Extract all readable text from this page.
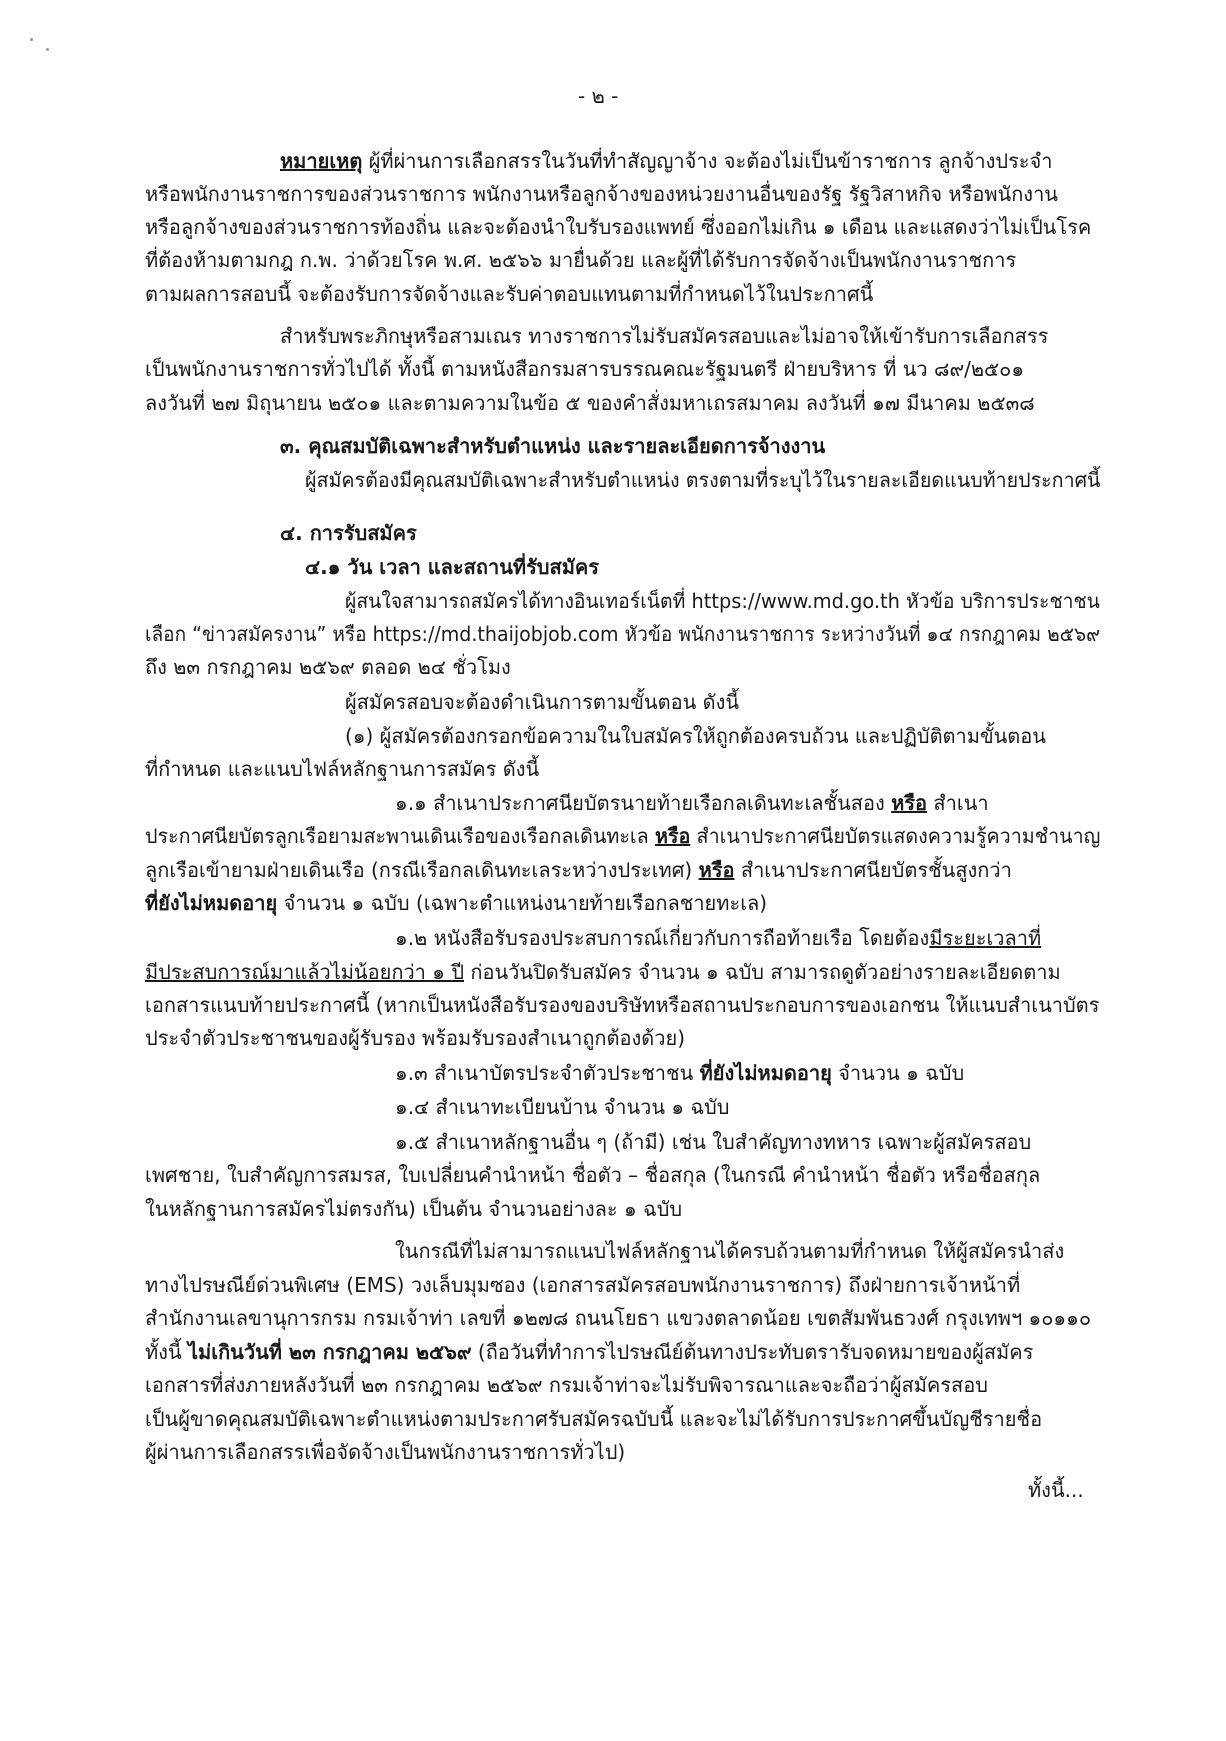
- ๒ -
หมายเหตุ ผู้ที่ผ่านการเลือกสรรในวันที่ทำสัญญาจ้าง จะต้องไม่เป็นข้าราชการ ลูกจ้างประจำ
หรือพนักงานราชการของส่วนราชการ พนักงานหรือลูกจ้างของหน่วยงานอื่นของรัฐ รัฐวิสาหกิจ หรือพนักงาน
หรือลูกจ้างของส่วนราชการท้องถิ่น และจะต้องนำใบรับรองแพทย์ ซึ่งออกไม่เกิน ๑ เดือน และแสดงว่าไม่เป็นโรค
ที่ต้องห้ามตามกฎ ก.พ. ว่าด้วยโรค พ.ศ. ๒๕๖๖ มายื่นด้วย และผู้ที่ได้รับการจัดจ้างเป็นพนักงานราชการ
ตามผลการสอบนี้ จะต้องรับการจัดจ้างและรับค่าตอบแทนตามที่กำหนดไว้ในประกาศนี้
สำหรับพระภิกษุหรือสามเณร ทางราชการไม่รับสมัครสอบและไม่อาจให้เข้ารับการเลือกสรร
เป็นพนักงานราชการทั่วไปได้ ทั้งนี้ ตามหนังสือกรมสารบรรณคณะรัฐมนตรี ฝ่ายบริหาร ที่ นว ๘๙/๒๕๐๑
ลงวันที่ ๒๗ มิถุนายน ๒๕๐๑ และตามความในข้อ ๕ ของคำสั่งมหาเถรสมาคม ลงวันที่ ๑๗ มีนาคม ๒๕๓๘
๓. คุณสมบัติเฉพาะสำหรับตำแหน่ง และรายละเอียดการจ้างงาน
ผู้สมัครต้องมีคุณสมบัติเฉพาะสำหรับตำแหน่ง ตรงตามที่ระบุไว้ในรายละเอียดแนบท้ายประกาศนี้
๔. การรับสมัคร
๔.๑ วัน เวลา และสถานที่รับสมัคร
ผู้สนใจสามารถสมัครได้ทางอินเทอร์เน็ตที่ https://www.md.go.th หัวข้อ บริการประชาชน
เลือก “ข่าวสมัครงาน” หรือ https://md.thaijobjob.com หัวข้อ พนักงานราชการ ระหว่างวันที่ ๑๔ กรกฎาคม ๒๕๖๙
ถึง ๒๓ กรกฎาคม ๒๕๖๙ ตลอด ๒๔ ชั่วโมง
ผู้สมัครสอบจะต้องดำเนินการตามขั้นตอน ดังนี้
(๑) ผู้สมัครต้องกรอกข้อความในใบสมัครให้ถูกต้องครบถ้วน และปฏิบัติตามขั้นตอน
ที่กำหนด และแนบไฟล์หลักฐานการสมัคร ดังนี้
๑.๑ สำเนาประกาศนียบัตรนายท้ายเรือกลเดินทะเลชั้นสอง หรือ สำเนา
ประกาศนียบัตรลูกเรือยามสะพานเดินเรือของเรือกลเดินทะเล หรือ สำเนาประกาศนียบัตรแสดงความรู้ความชำนาญ
ลูกเรือเข้ายามฝ่ายเดินเรือ (กรณีเรือกลเดินทะเลระหว่างประเทศ) หรือ สำเนาประกาศนียบัตรชั้นสูงกว่า
ที่ยังไม่หมดอายุ จำนวน ๑ ฉบับ (เฉพาะตำแหน่งนายท้ายเรือกลชายทะเล)
๑.๒ หนังสือรับรองประสบการณ์เกี่ยวกับการถือท้ายเรือ โดยต้องมีระยะเวลาที่
มีประสบการณ์มาแล้วไม่น้อยกว่า ๑ ปี ก่อนวันปิดรับสมัคร จำนวน ๑ ฉบับ สามารถดูตัวอย่างรายละเอียดตาม
เอกสารแนบท้ายประกาศนี้ (หากเป็นหนังสือรับรองของบริษัทหรือสถานประกอบการของเอกชน ให้แนบสำเนาบัตร
ประจำตัวประชาชนของผู้รับรอง พร้อมรับรองสำเนาถูกต้องด้วย)
๑.๓ สำเนาบัตรประจำตัวประชาชน ที่ยังไม่หมดอายุ จำนวน ๑ ฉบับ
๑.๔ สำเนาทะเบียนบ้าน จำนวน ๑ ฉบับ
๑.๕ สำเนาหลักฐานอื่น ๆ (ถ้ามี) เช่น ใบสำคัญทางทหาร เฉพาะผู้สมัครสอบ
เพศชาย, ใบสำคัญการสมรส, ใบเปลี่ยนคำนำหน้า ชื่อตัว – ชื่อสกุล (ในกรณี คำนำหน้า ชื่อตัว หรือชื่อสกุล
ในหลักฐานการสมัครไม่ตรงกัน) เป็นต้น จำนวนอย่างละ ๑ ฉบับ
ในกรณีที่ไม่สามารถแนบไฟล์หลักฐานได้ครบถ้วนตามที่กำหนด ให้ผู้สมัครนำส่ง
ทางไปรษณีย์ด่วนพิเศษ (EMS) วงเล็บมุมซอง (เอกสารสมัครสอบพนักงานราชการ) ถึงฝ่ายการเจ้าหน้าที่
สำนักงานเลขานุการกรม กรมเจ้าท่า เลขที่ ๑๒๗๘ ถนนโยธา แขวงตลาดน้อย เขตสัมพันธวงศ์ กรุงเทพฯ ๑๐๑๑๐
ทั้งนี้ ไม่เกินวันที่ ๒๓ กรกฎาคม ๒๕๖๙ (ถือวันที่ทำการไปรษณีย์ต้นทางประทับตรารับจดหมายของผู้สมัคร
เอกสารที่ส่งภายหลังวันที่ ๒๓ กรกฎาคม ๒๕๖๙ กรมเจ้าท่าจะไม่รับพิจารณาและจะถือว่าผู้สมัครสอบ
เป็นผู้ขาดคุณสมบัติเฉพาะตำแหน่งตามประกาศรับสมัครฉบับนี้ และจะไม่ได้รับการประกาศขึ้นบัญชีรายชื่อ
ผู้ผ่านการเลือกสรรเพื่อจัดจ้างเป็นพนักงานราชการทั่วไป)
ทั้งนี้...
